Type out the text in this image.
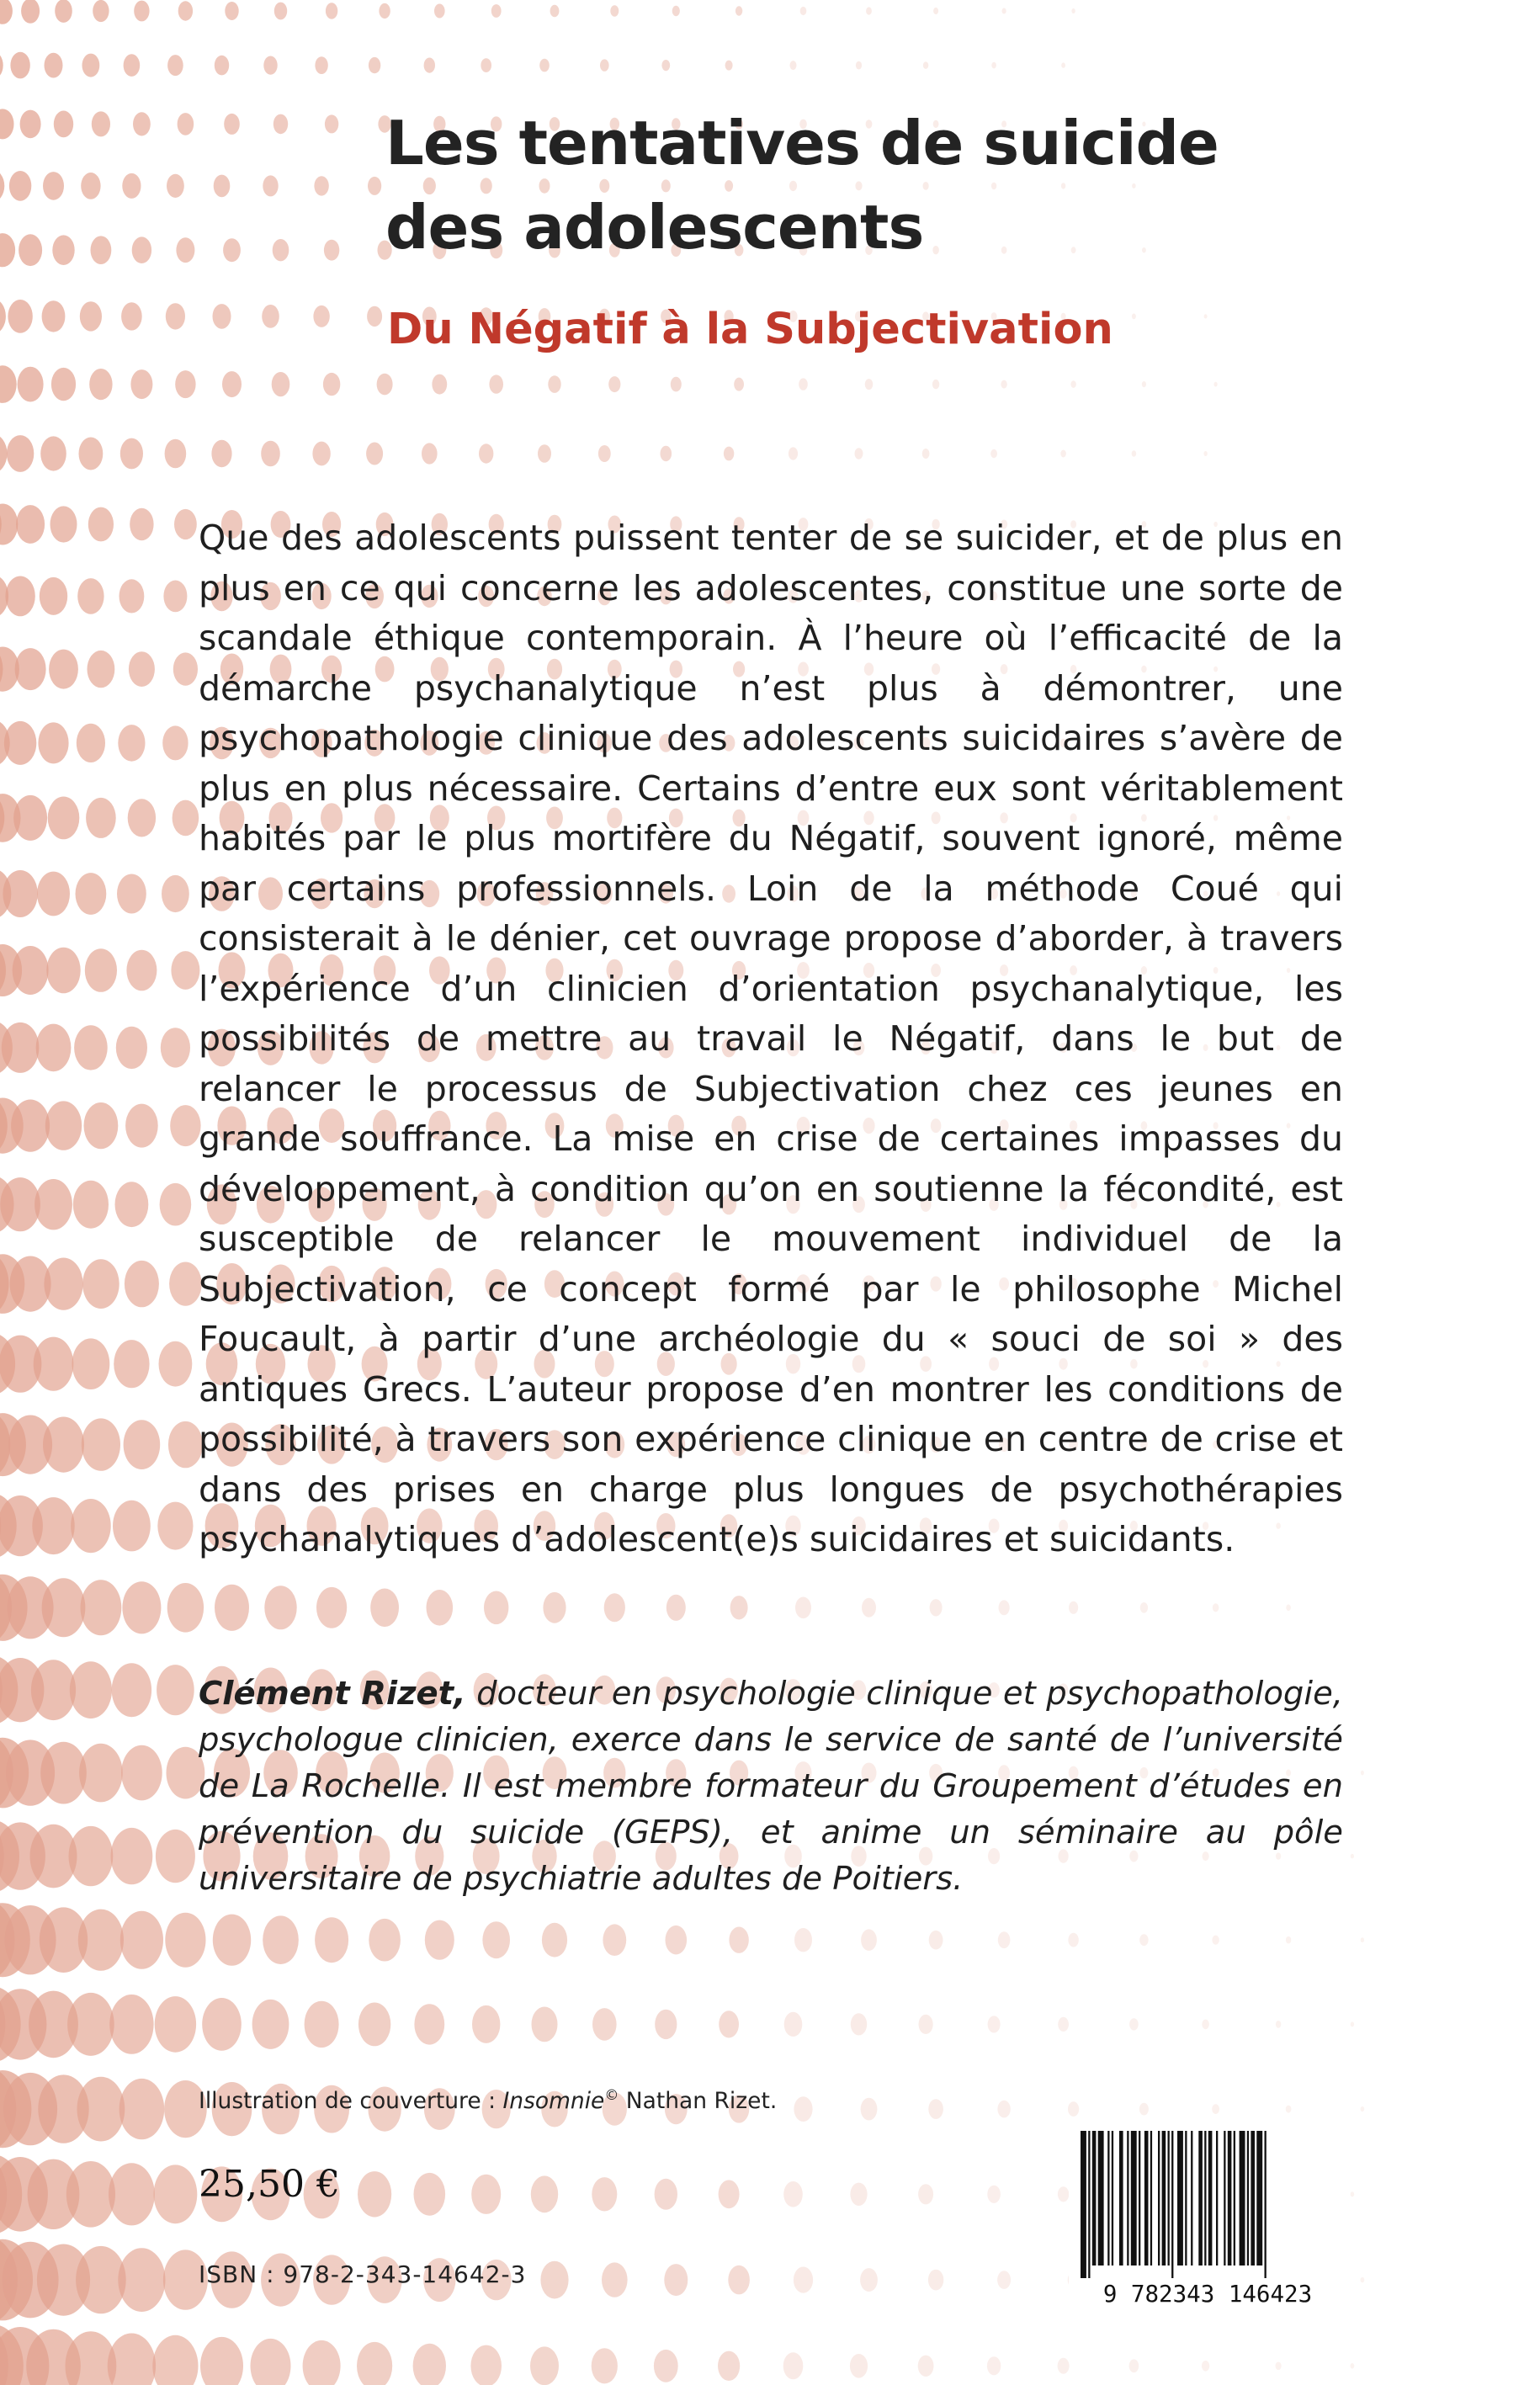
Les tentatives de suicide
des adolescents
Du Négatif à la Subjectivation

Que des adolescents puissent tenter de se suicider, et de plus en plus en ce qui concerne les adolescentes, constitue une sorte de scandale éthique contemporain. À l’heure où l’efficacité de la démarche psychanalytique n’est plus à démontrer, une psychopathologie clinique des adolescents suicidaires s’avère de plus en plus nécessaire. Certains d’entre eux sont véritablement habités par le plus mortifère du Négatif, souvent ignoré, même par certains professionnels. Loin de la méthode Coué qui consisterait à le dénier, cet ouvrage propose d’aborder, à travers l’expérience d’un clinicien d’orientation psychanalytique, les possibilités de mettre au travail le Négatif, dans le but de relancer le processus de Subjectivation chez ces jeunes en grande souffrance. La mise en crise de certaines impasses du développement, à condition qu’on en soutienne la fécondité, est susceptible de relancer le mouvement individuel de la Subjectivation, ce concept formé par le philosophe Michel Foucault, à partir d’une archéologie du « souci de soi » des antiques Grecs. L’auteur propose d’en montrer les conditions de possibilité, à travers son expérience clinique en centre de crise et dans des prises en charge plus longues de psychothérapies psychanalytiques d’adolescent(e)s suicidaires et suicidants.

Clément Rizet, docteur en psychologie clinique et psychopathologie, psychologue clinicien, exerce dans le service de santé de l’université de La Rochelle. Il est membre formateur du Groupement d’études en prévention du suicide (GEPS), et anime un séminaire au pôle universitaire de psychiatrie adultes de Poitiers.

Illustration de couverture : Insomnie© Nathan Rizet.
25,50 €
ISBN : 978-2-343-14642-3
9 782343 146423
